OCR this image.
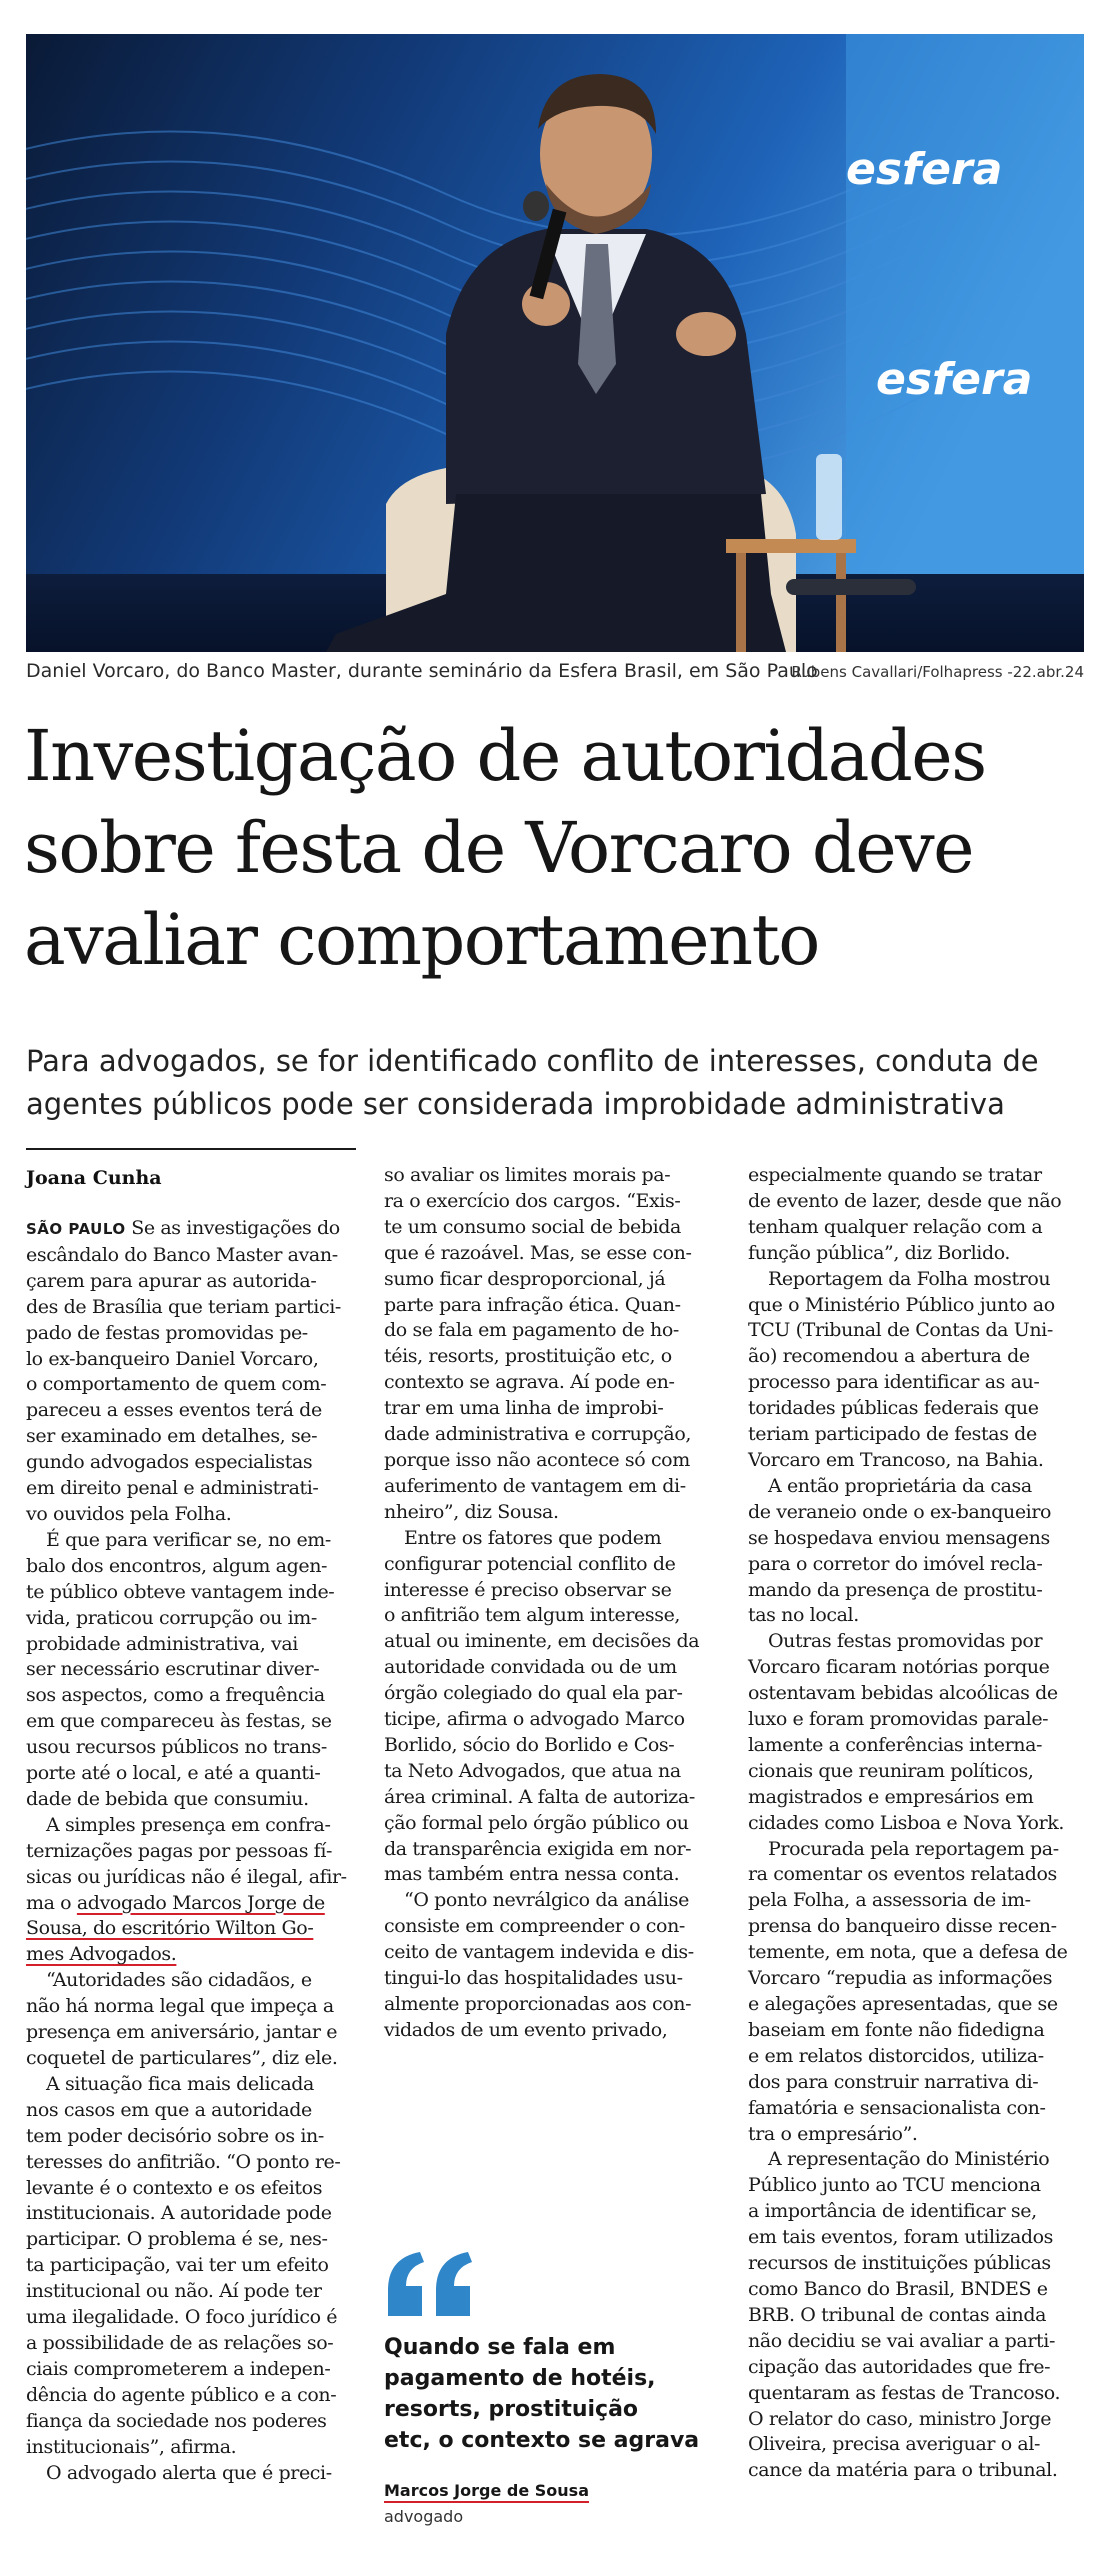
esfera
esfera
Daniel Vorcaro, do Banco Master, durante seminário da Esfera Brasil, em São Paulo
Rubens Cavallari/Folhapress -22.abr.24
Investigação de autoridades
sobre festa de Vorcaro deve
avaliar comportamento

Para advogados, se for identificado conflito de interesses, conduta de
agentes públicos pode ser considerada improbidade administrativa

Joana Cunha
SÃO PAULO Se as investigações do
escândalo do Banco Master avan-
çarem para apurar as autorida-
des de Brasília que teriam partici-
pado de festas promovidas pe-
lo ex-banqueiro Daniel Vorcaro,
o comportamento de quem com-
pareceu a esses eventos terá de
ser examinado em detalhes, se-
gundo advogados especialistas
em direito penal e administrati-
vo ouvidos pela Folha.
É que para verificar se, no em-
balo dos encontros, algum agen-
te público obteve vantagem inde-
vida, praticou corrupção ou im-
probidade administrativa, vai
ser necessário escrutinar diver-
sos aspectos, como a frequência
em que compareceu às festas, se
usou recursos públicos no trans-
porte até o local, e até a quanti-
dade de bebida que consumiu.
A simples presença em confra-
ternizações pagas por pessoas fí-
sicas ou jurídicas não é ilegal, afir-
ma o advogado Marcos Jorge de
Sousa, do escritório Wilton Go-
mes Advogados.
“Autoridades são cidadãos, e
não há norma legal que impeça a
presença em aniversário, jantar e
coquetel de particulares”, diz ele.
A situação fica mais delicada
nos casos em que a autoridade
tem poder decisório sobre os in-
teresses do anfitrião. “O ponto re-
levante é o contexto e os efeitos
institucionais. A autoridade pode
participar. O problema é se, nes-
ta participação, vai ter um efeito
institucional ou não. Aí pode ter
uma ilegalidade. O foco jurídico é
a possibilidade de as relações so-
ciais comprometerem a indepen-
dência do agente público e a con-
fiança da sociedade nos poderes
institucionais”, afirma.
O advogado alerta que é preci-
so avaliar os limites morais pa-
ra o exercício dos cargos. “Exis-
te um consumo social de bebida
que é razoável. Mas, se esse con-
sumo ficar desproporcional, já
parte para infração ética. Quan-
do se fala em pagamento de ho-
téis, resorts, prostituição etc, o
contexto se agrava. Aí pode en-
trar em uma linha de improbi-
dade administrativa e corrupção,
porque isso não acontece só com
auferimento de vantagem em di-
nheiro”, diz Sousa.
Entre os fatores que podem
configurar potencial conflito de
interesse é preciso observar se
o anfitrião tem algum interesse,
atual ou iminente, em decisões da
autoridade convidada ou de um
órgão colegiado do qual ela par-
ticipe, afirma o advogado Marco
Borlido, sócio do Borlido e Cos-
ta Neto Advogados, que atua na
área criminal. A falta de autoriza-
ção formal pelo órgão público ou
da transparência exigida em nor-
mas também entra nessa conta.
“O ponto nevrálgico da análise
consiste em compreender o con-
ceito de vantagem indevida e dis-
tingui-lo das hospitalidades usu-
almente proporcionadas aos con-
vidados de um evento privado,

Quando se fala em
pagamento de hotéis,
resorts, prostituição
etc, o contexto se agrava

Marcos Jorge de Sousa
advogado
especialmente quando se tratar
de evento de lazer, desde que não
tenham qualquer relação com a
função pública”, diz Borlido.
Reportagem da Folha mostrou
que o Ministério Público junto ao
TCU (Tribunal de Contas da Uni-
ão) recomendou a abertura de
processo para identificar as au-
toridades públicas federais que
teriam participado de festas de
Vorcaro em Trancoso, na Bahia.
A então proprietária da casa
de veraneio onde o ex-banqueiro
se hospedava enviou mensagens
para o corretor do imóvel recla-
mando da presença de prostitu-
tas no local.
Outras festas promovidas por
Vorcaro ficaram notórias porque
ostentavam bebidas alcoólicas de
luxo e foram promovidas parale-
lamente a conferências interna-
cionais que reuniram políticos,
magistrados e empresários em
cidades como Lisboa e Nova York.
Procurada pela reportagem pa-
ra comentar os eventos relatados
pela Folha, a assessoria de im-
prensa do banqueiro disse recen-
temente, em nota, que a defesa de
Vorcaro “repudia as informações
e alegações apresentadas, que se
baseiam em fonte não fidedigna
e em relatos distorcidos, utiliza-
dos para construir narrativa di-
famatória e sensacionalista con-
tra o empresário”.
A representação do Ministério
Público junto ao TCU menciona
a importância de identificar se,
em tais eventos, foram utilizados
recursos de instituições públicas
como Banco do Brasil, BNDES e
BRB. O tribunal de contas ainda
não decidiu se vai avaliar a parti-
cipação das autoridades que fre-
quentaram as festas de Trancoso.
O relator do caso, ministro Jorge
Oliveira, precisa averiguar o al-
cance da matéria para o tribunal.
